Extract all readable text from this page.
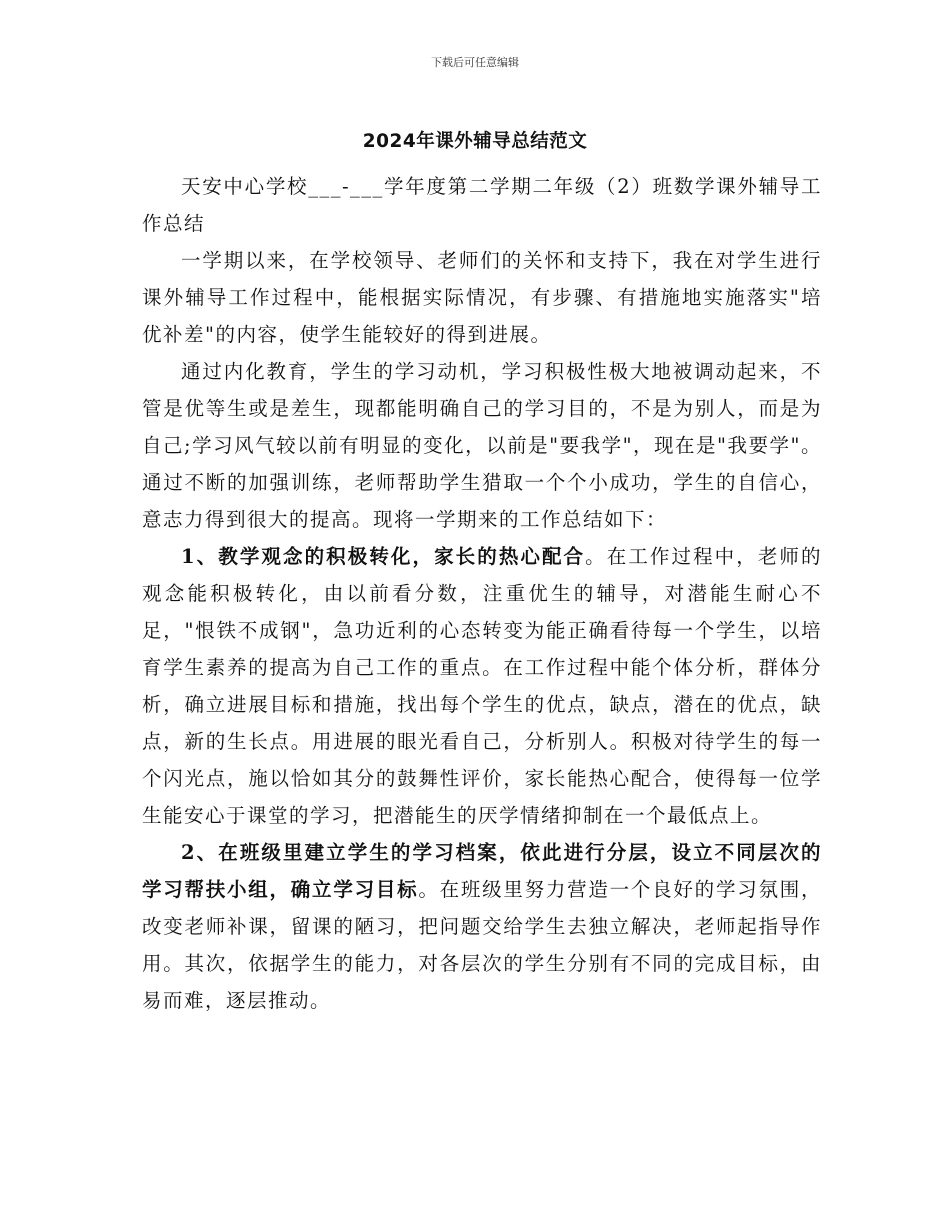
下载后可任意编辑
2024年课外辅导总结范文

天安中心学校___-___学年度第二学期二年级（2）班数学课外辅导工作总结

一学期以来，在学校领导、老师们的关怀和支持下，我在对学生进行课外辅导工作过程中，能根据实际情况，有步骤、有措施地实施落实"培优补差"的内容，使学生能较好的得到进展。

通过内化教育，学生的学习动机，学习积极性极大地被调动起来，不管是优等生或是差生，现都能明确自己的学习目的，不是为别人，而是为自己;学习风气较以前有明显的变化，以前是"要我学"，现在是"我要学"。通过不断的加强训练，老师帮助学生猎取一个个小成功，学生的自信心，意志力得到很大的提高。现将一学期来的工作总结如下：

1、教学观念的积极转化，家长的热心配合。在工作过程中，老师的观念能积极转化，由以前看分数，注重优生的辅导，对潜能生耐心不足，"恨铁不成钢"，急功近利的心态转变为能正确看待每一个学生，以培育学生素养的提高为自己工作的重点。在工作过程中能个体分析，群体分析，确立进展目标和措施，找出每个学生的优点，缺点，潜在的优点，缺点，新的生长点。用进展的眼光看自己，分析别人。积极对待学生的每一个闪光点，施以恰如其分的鼓舞性评价，家长能热心配合，使得每一位学生能安心于课堂的学习，把潜能生的厌学情绪抑制在一个最低点上。

2、在班级里建立学生的学习档案，依此进行分层，设立不同层次的学习帮扶小组，确立学习目标。在班级里努力营造一个良好的学习氛围，改变老师补课，留课的陋习，把问题交给学生去独立解决，老师起指导作用。其次，依据学生的能力，对各层次的学生分别有不同的完成目标，由易而难，逐层推动。
